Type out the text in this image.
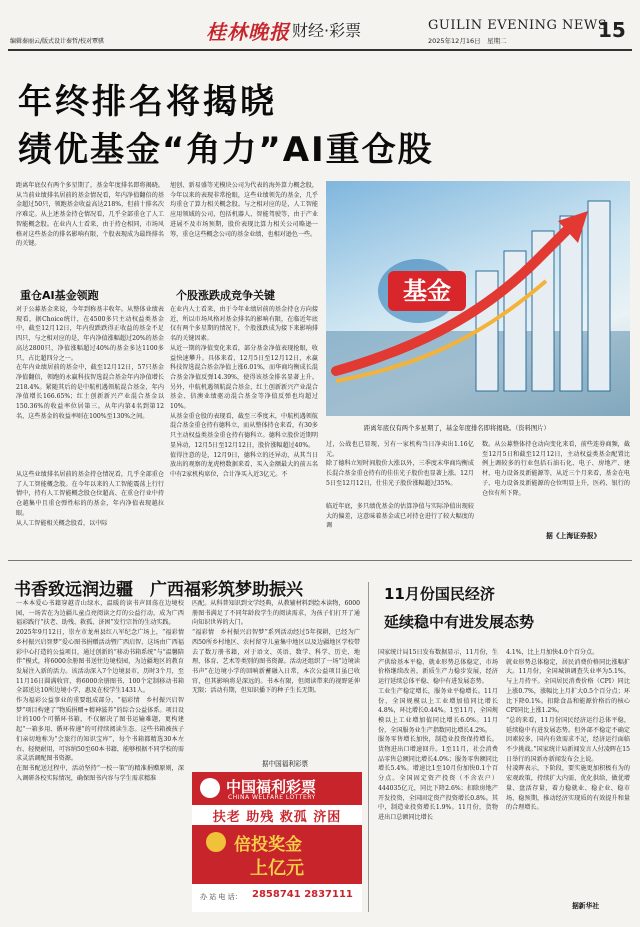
编辑秦丽云/版式设计秦哲/校对覃骐	桂林晚报 财经·彩票	GUILIN EVENING NEWS
2025年12月16日　星期二	15
年终排名将揭晓
绩优基金“角力”AI重仓股
距离年底仅有两个多星期了，基金年度排名即将揭晓。从当前业绩排名居前的基金情况看，年内净值翻倍的基金超过50只，领跑基金收益高达218%，但前十排名次序难定。从上述基金持仓情况看，几乎全部重仓了人工智能概念股。在业内人士看来，由于持仓相同，市场风格对这些基金的排名影响有限，个股表现成为最终排名的关键。
重仓AI基金领跑
对于公募基金来说，今年到称基丰收年。从整体业绩表现看，据Choice统计，在4500多只主动权益类基金中，截至12月12日，年内役跌跌得正收益的基金不足四只，与之相对应的是，年内净值涨幅超过20%的基金高达2800只，净值涨幅超过40%的基金多达1100多只，占比超四分之一。
在年内业绩居前的基金中，截至12月12日，57只基金净值翻倍，领跑的永赢科技智选混合基金年内净值增长218.4%。紧随其后的是中航机遇领航混合基金，年内净值增长166.65%；红土创新新兴产业混合基金以150.36%的收益率位居第三。从年内第4名到第12名，这些基金的收益率则在100%至130%之间。
从这些业绩排名居前的基金持仓情况看，几乎全部重仓了人工智能概念股。在今年以来的人工智能震荡上行行情中，持有人工智能概念股仓位超高、在重仓行业中持仓越集中且重仓弹性标的的基金，年内净值表现越拉眼。
从人工智能相关概念股看，以中际
旭创、新易盛等光模块公司为代表的海外算力概念股，今年以来的表现非常抢眼，这些业绩领先的基金，几乎均重仓了算力相关概念股。与之相对应的是，人工智能应用领域的公司，包括机器人、智能驾驶等，由于产业进展不及市场预期，股价表现比算力相关公司略逊一筹，重仓这些概念公司的基金业绩，也相对逊色一些。
个股涨跌成竞争关键
在业内人士看来，由于今年业绩居前的基金持仓方向接近，所以市场风格对基金排名的影响有限，在临近年底仅有两个多星期的情况下，个股涨跌成为接下来影响排名的关键因素。
从近一期的净值变化来看，部分基金净值表现抢眼，收益快速攀升。具体来看，12月5日至12月12日，永赢科技智选混合基金净值上涨6.01%，而华商均衡成长混合基金净值反弹14.39%，使得该基金排名显著上升。另外，中航机遇领航混合基金、红土创新新兴产业混合基金、信澳业绩驱动混合基金等净值反弹也均超过10%。
从基金重仓股的表现看，截至三季度末，中航机遇领航混合基金重仓持有德科立，而从整体持仓来看，有30多只主动权益类基金重仓持有德科立。德科立股价近期明显异动，12月5日至12月12日，股价涨幅超过40%。
值得注意的是，12月9日，德科立的还异动，从其当日放出的观察的龙虎榜数据来看，买入金额最大的前五名中有2家机构席位，合计净买入近3亿元。不
基金
距离年底仅有两个多星期了，基金年度排名即将揭晓。（资料图片）
过，公战也已显现，另有一家机构当日净卖出1.16亿元。
除了德科立短时间股价大涨以外，三季度末华商均衡成长混合基金重仓持有的佳佳光子股价也显著上涨。12月5日至12月12日，仕佳光子股价涨幅超过35%。
临近年底，多只绩优基金的估算净值与实际净值出现较大的偏差，这意味着基金或已对持仓进行了较大幅度的调
数。从公募整体持仓动向变化来看，前些连券商频，截至12月5日和截至12月12日，主动权益类基金配置比例上调较多的行业包括石油石化、电子、房地产、建材、电力设备及新能源等，从近三个月来看，基金在电子、电力设备及新能源的仓位明显上升，医药、银行的仓位有所下降。
据《上海证券报》
书香致远润边疆　广西福彩筑梦助振兴
一本本爱心书籍穿越青山绿水，温暖的读书声回荡在边境校园，一场苦在为边疆儿童点亮阅读之灯的公益行动，成为广西福彩践行“扶老、助残、救孤、济困”发行宗旨的生动实践。
2025年9月12日，崇左市龙州县红八军纪念广场上，“福彩情　乡村振兴启智梦”爱心图书捐赠活动暨广西启智、这场由广西福彩中心打造的公益项目，通过创新的“移动书箱系统”与“温馨陪伴”模式，将6000余册图书送往边境校园，为边疆地区的教育发展注入新的活力。该活动深入7个边境县市，历时3个月，至11月16日圆满收官，将6000余册图书、100个定制移动书箱全部送达10所边境小学，惠及在校学生1431人。
作为福彩公益事业的重要组成部分，“福彩情　乡村振兴启智梦”项目构建了“物质捐赠+精神滋养”的综合公益体系。项目设计的100个可循环书箱，不仅解决了图书运输难题，更构建起“一箱多用、循环传递”的可持续阅读生态。这些书箱被孩子们亲切地称为“会旅行的知识宝库”，每个书箱都精选30本左右、轻便耐用，可容纳50至60本书籍，能够根据不同学校的需求灵活调配图书资源。
在图书配送过程中，活动坚持“一校一策”的精准捐赠原则，深入调研各校实际情况，确保图书内容与学生需求精准
匹配。从科普知识到文学经典，从教辅材料到绘本读物，6000册图书满足了不同年龄段学生的阅读需求，为孩子们打开了通向知识世界的大门。
“福彩情　乡村振兴启智梦”系列活动经过5年探耕，已经为广西50所乡村地区、农村留守儿童集中地区以及边疆地区学校带去了数万册书籍，对于语文、英语、数学、科学、历史、地理、体育、艺术等类别的图书资源。活动还组织了一场“边境读书声”在边境小学的回响新蓄融入日常，本次公益项目虽已收官，但其影响将是深远的。书本有限，但阅读带来的视野延伸无限；活动有期，但知识播下的种子生长无期。
据中国福利彩票
中国福利彩票
CHINA WELFARE LOTTERY
扶老 助残 救孤 济困
倍投奖金
上亿元
办 站 电 话： 2858741 2837111
11月份国民经济
延续稳中有进发展态势
国家统计局15日发布数据显示，11月份，生产供给基本平稳，就业形势总体稳定，市场价格继续改善，新质生产力稳步发展，经济运行延续总体平稳、稳中有进发展态势。
工业生产稳定增长，服务业平稳增长。11月份，全国规模以上工业增加值同比增长4.8%，环比增长0.44%。1至11月，全国规模以上工业增加值同比增长6.0%。11月份，全国服务业生产指数同比增长4.2%。
服务零售增长加快，制造业投资保持增长。货物进出口增速回升。1至11月，社会消费品零售总额同比增长4.0%；服务零售额同比增长5.4%。增速比1至10月份加快0.1个百分点。全国固定资产投资（不含农户）444035亿元，同比下降2.6%；扣除房地产开发投资，全国固定资产投资增长0.8%。其中，制造业投资增长1.9%。11月份，货物进出口总额同比增长
4.1%，比上月加快4.0个百分点。
就业形势总体稳定，居民消费价格同比涨幅扩大。11月份，全国城镇调查失业率为5.1%，与上月持平。全国居民消费价格（CPI）同比上涨0.7%，涨幅比上月扩大0.5个百分点；环比下降0.1%。扣除食品和能源价格后的核心CPI同比上涨1.2%。
“总的来看，11月份国民经济运行总体平稳，延续稳中有进发展态势。但外部不稳定不确定因素较多，国内有效需求不足，经济运行面临不少挑战。”国家统计局新闻发言人付凌晖在15日举行的国新办新闻发布会上说。
付凌晖表示，下阶段，要实施更加积极有为的宏观政策，持续扩大内需、优化供给，做优增量、盘活存量，着力稳就业、稳企业、稳市场、稳预期，推动经济实现质的有效提升和量的合理增长。
据新华社
